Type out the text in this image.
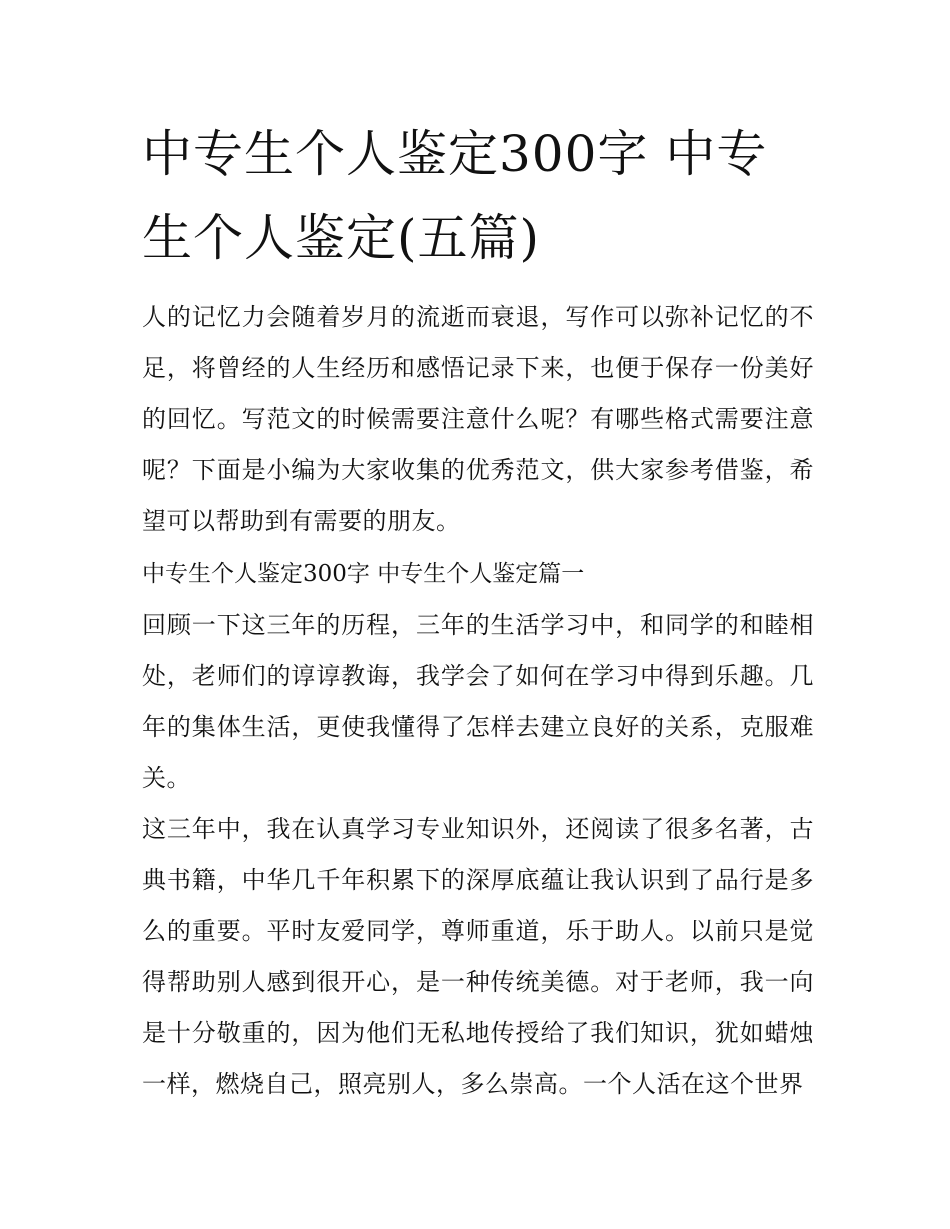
中专生个人鉴定300字 中专生个人鉴定(五篇)

人的记忆力会随着岁月的流逝而衰退，写作可以弥补记忆的不足，将曾经的人生经历和感悟记录下来，也便于保存一份美好的回忆。写范文的时候需要注意什么呢？有哪些格式需要注意呢？下面是小编为大家收集的优秀范文，供大家参考借鉴，希望可以帮助到有需要的朋友。

中专生个人鉴定300字 中专生个人鉴定篇一

回顾一下这三年的历程，三年的生活学习中，和同学的和睦相处，老师们的谆谆教诲，我学会了如何在学习中得到乐趣。几年的集体生活，更使我懂得了怎样去建立良好的关系，克服难关。

这三年中，我在认真学习专业知识外，还阅读了很多名著，古典书籍，中华几千年积累下的深厚底蕴让我认识到了品行是多么的重要。平时友爱同学，尊师重道，乐于助人。以前只是觉得帮助别人感到很开心，是一种传统美德。对于老师，我一向是十分敬重的，因为他们无私地传授给了我们知识，犹如蜡烛一样，燃烧自己，照亮别人，多么崇高。一个人活在这个世界
